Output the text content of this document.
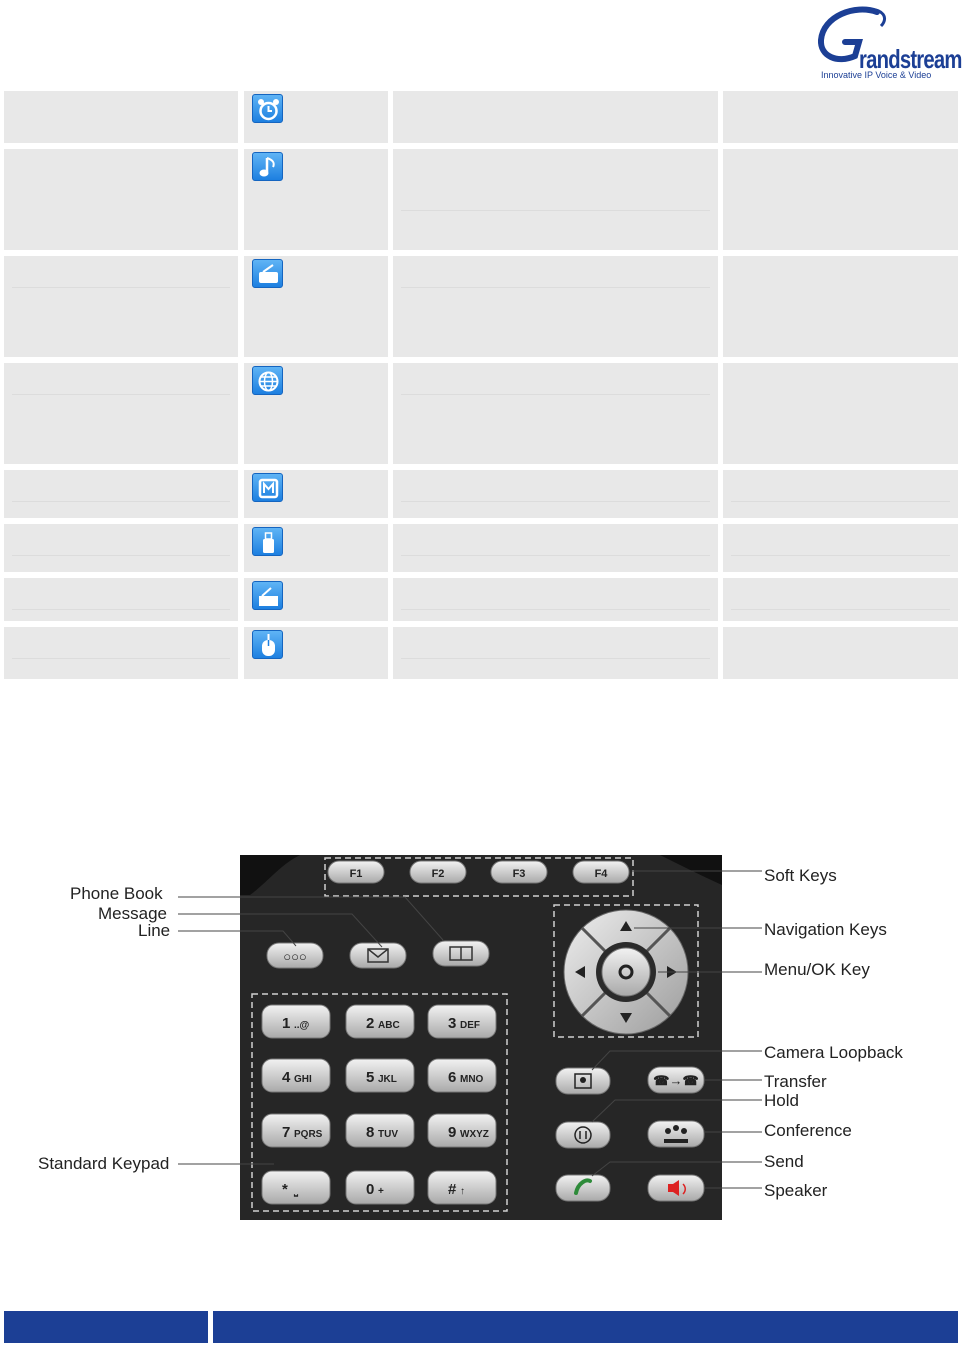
randstream
Innovative IP Voice & Video
F1	F2	F3	F4
○○○
1 ..@	2 ABC	3 DEF
4 GHI	5 JKL	6 MNO
7 PQRS	8 TUV	9 WXYZ
* ⎵	0 +	# ↑
☎→☎
Phone Book
Message
Line
Standard Keypad
Soft Keys
Navigation Keys
Menu/OK Key
Camera Loopback
Transfer
Hold
Conference
Send
Speaker
